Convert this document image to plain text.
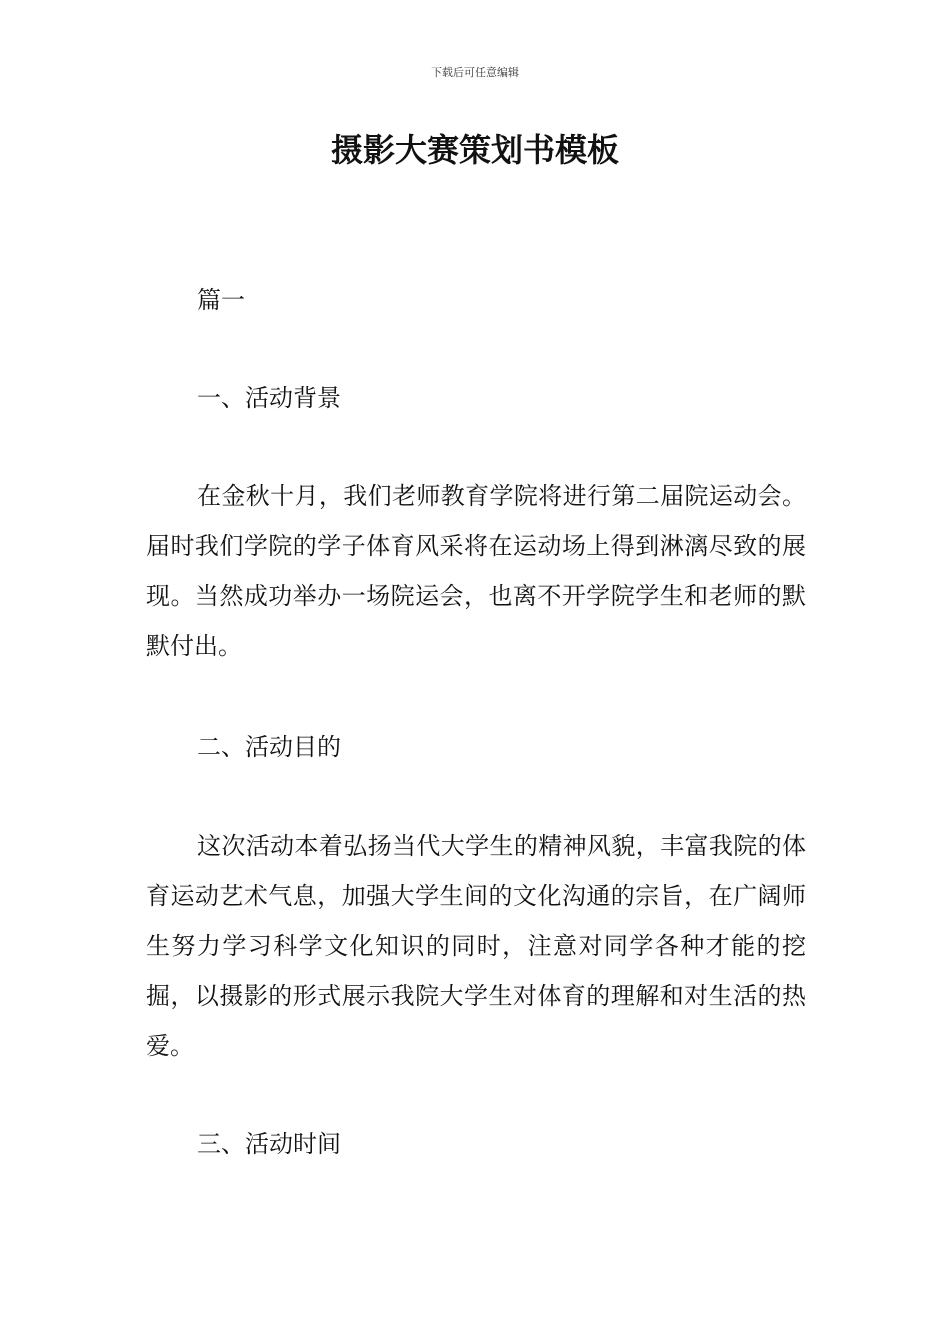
下载后可任意编辑
摄影大赛策划书模板

篇一

一、活动背景

在金秋十月，我们老师教育学院将进行第二届院运动会。届时我们学院的学子体育风采将在运动场上得到淋漓尽致的展现。当然成功举办一场院运会，也离不开学院学生和老师的默默付出。

二、活动目的

这次活动本着弘扬当代大学生的精神风貌，丰富我院的体育运动艺术气息，加强大学生间的文化沟通的宗旨，在广阔师生努力学习科学文化知识的同时，注意对同学各种才能的挖掘，以摄影的形式展示我院大学生对体育的理解和对生活的热爱。

三、活动时间
